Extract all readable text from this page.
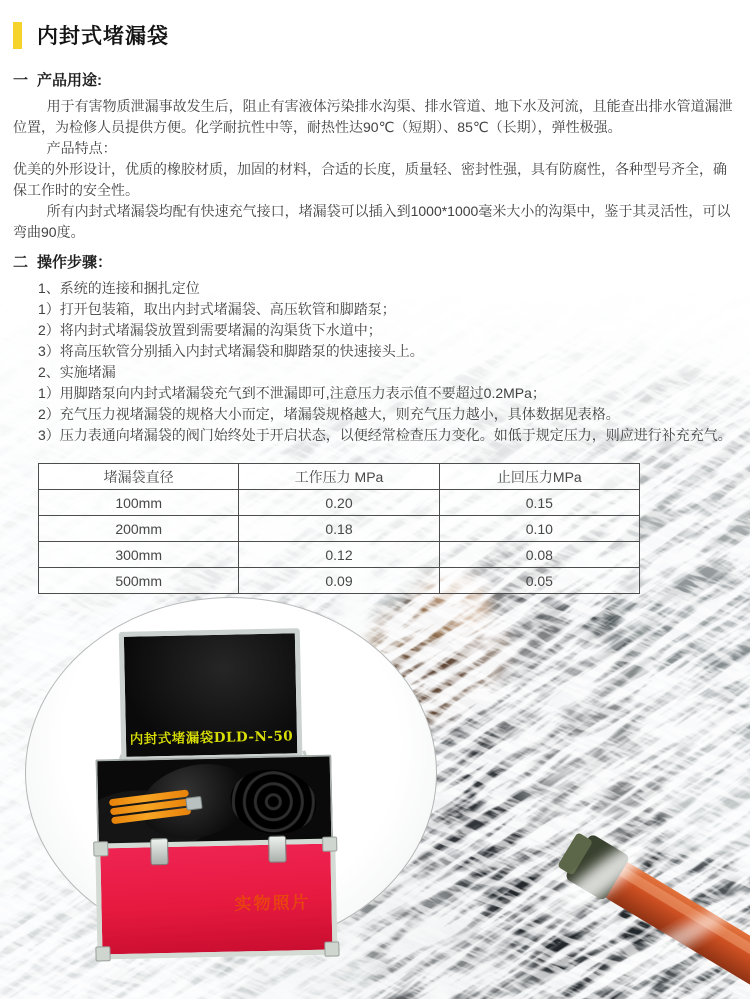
内封式堵漏袋
一 产品用途:

用于有害物质泄漏事故发生后，阻止有害液体污染排水沟渠、排水管道、地下水及河流，且能查出排水管道漏泄位置，为检修人员提供方便。化学耐抗性中等，耐热性达90℃（短期）、85℃（长期），弹性极强。

产品特点：

优美的外形设计，优质的橡胶材质，加固的材料，合适的长度，质量轻、密封性强，具有防腐性，各种型号齐全，确保工作时的安全性。

所有内封式堵漏袋均配有快速充气接口，堵漏袋可以插入到1000*1000毫米大小的沟渠中，鉴于其灵活性，可以弯曲90度。

二 操作步骤：
1、系统的连接和捆扎定位
1）打开包装箱，取出内封式堵漏袋、高压软管和脚踏泵；
2）将内封式堵漏袋放置到需要堵漏的沟渠货下水道中；
3）将高压软管分别插入内封式堵漏袋和脚踏泵的快速接头上。
2、实施堵漏
1）用脚踏泵向内封式堵漏袋充气到不泄漏即可,注意压力表示值不要超过0.2MPa；
2）充气压力视堵漏袋的规格大小而定，堵漏袋规格越大，则充气压力越小，具体数据见表格。
3）压力表通向堵漏袋的阀门始终处于开启状态，以便经常检查压力变化。如低于规定压力，则应进行补充充气。
堵漏袋直径	工作压力 MPa	止回压力MPa
100mm	0.20	0.15
200mm	0.18	0.10
300mm	0.12	0.08
500mm	0.09	0.05
内封式堵漏袋DLD-N-50
实物照片
